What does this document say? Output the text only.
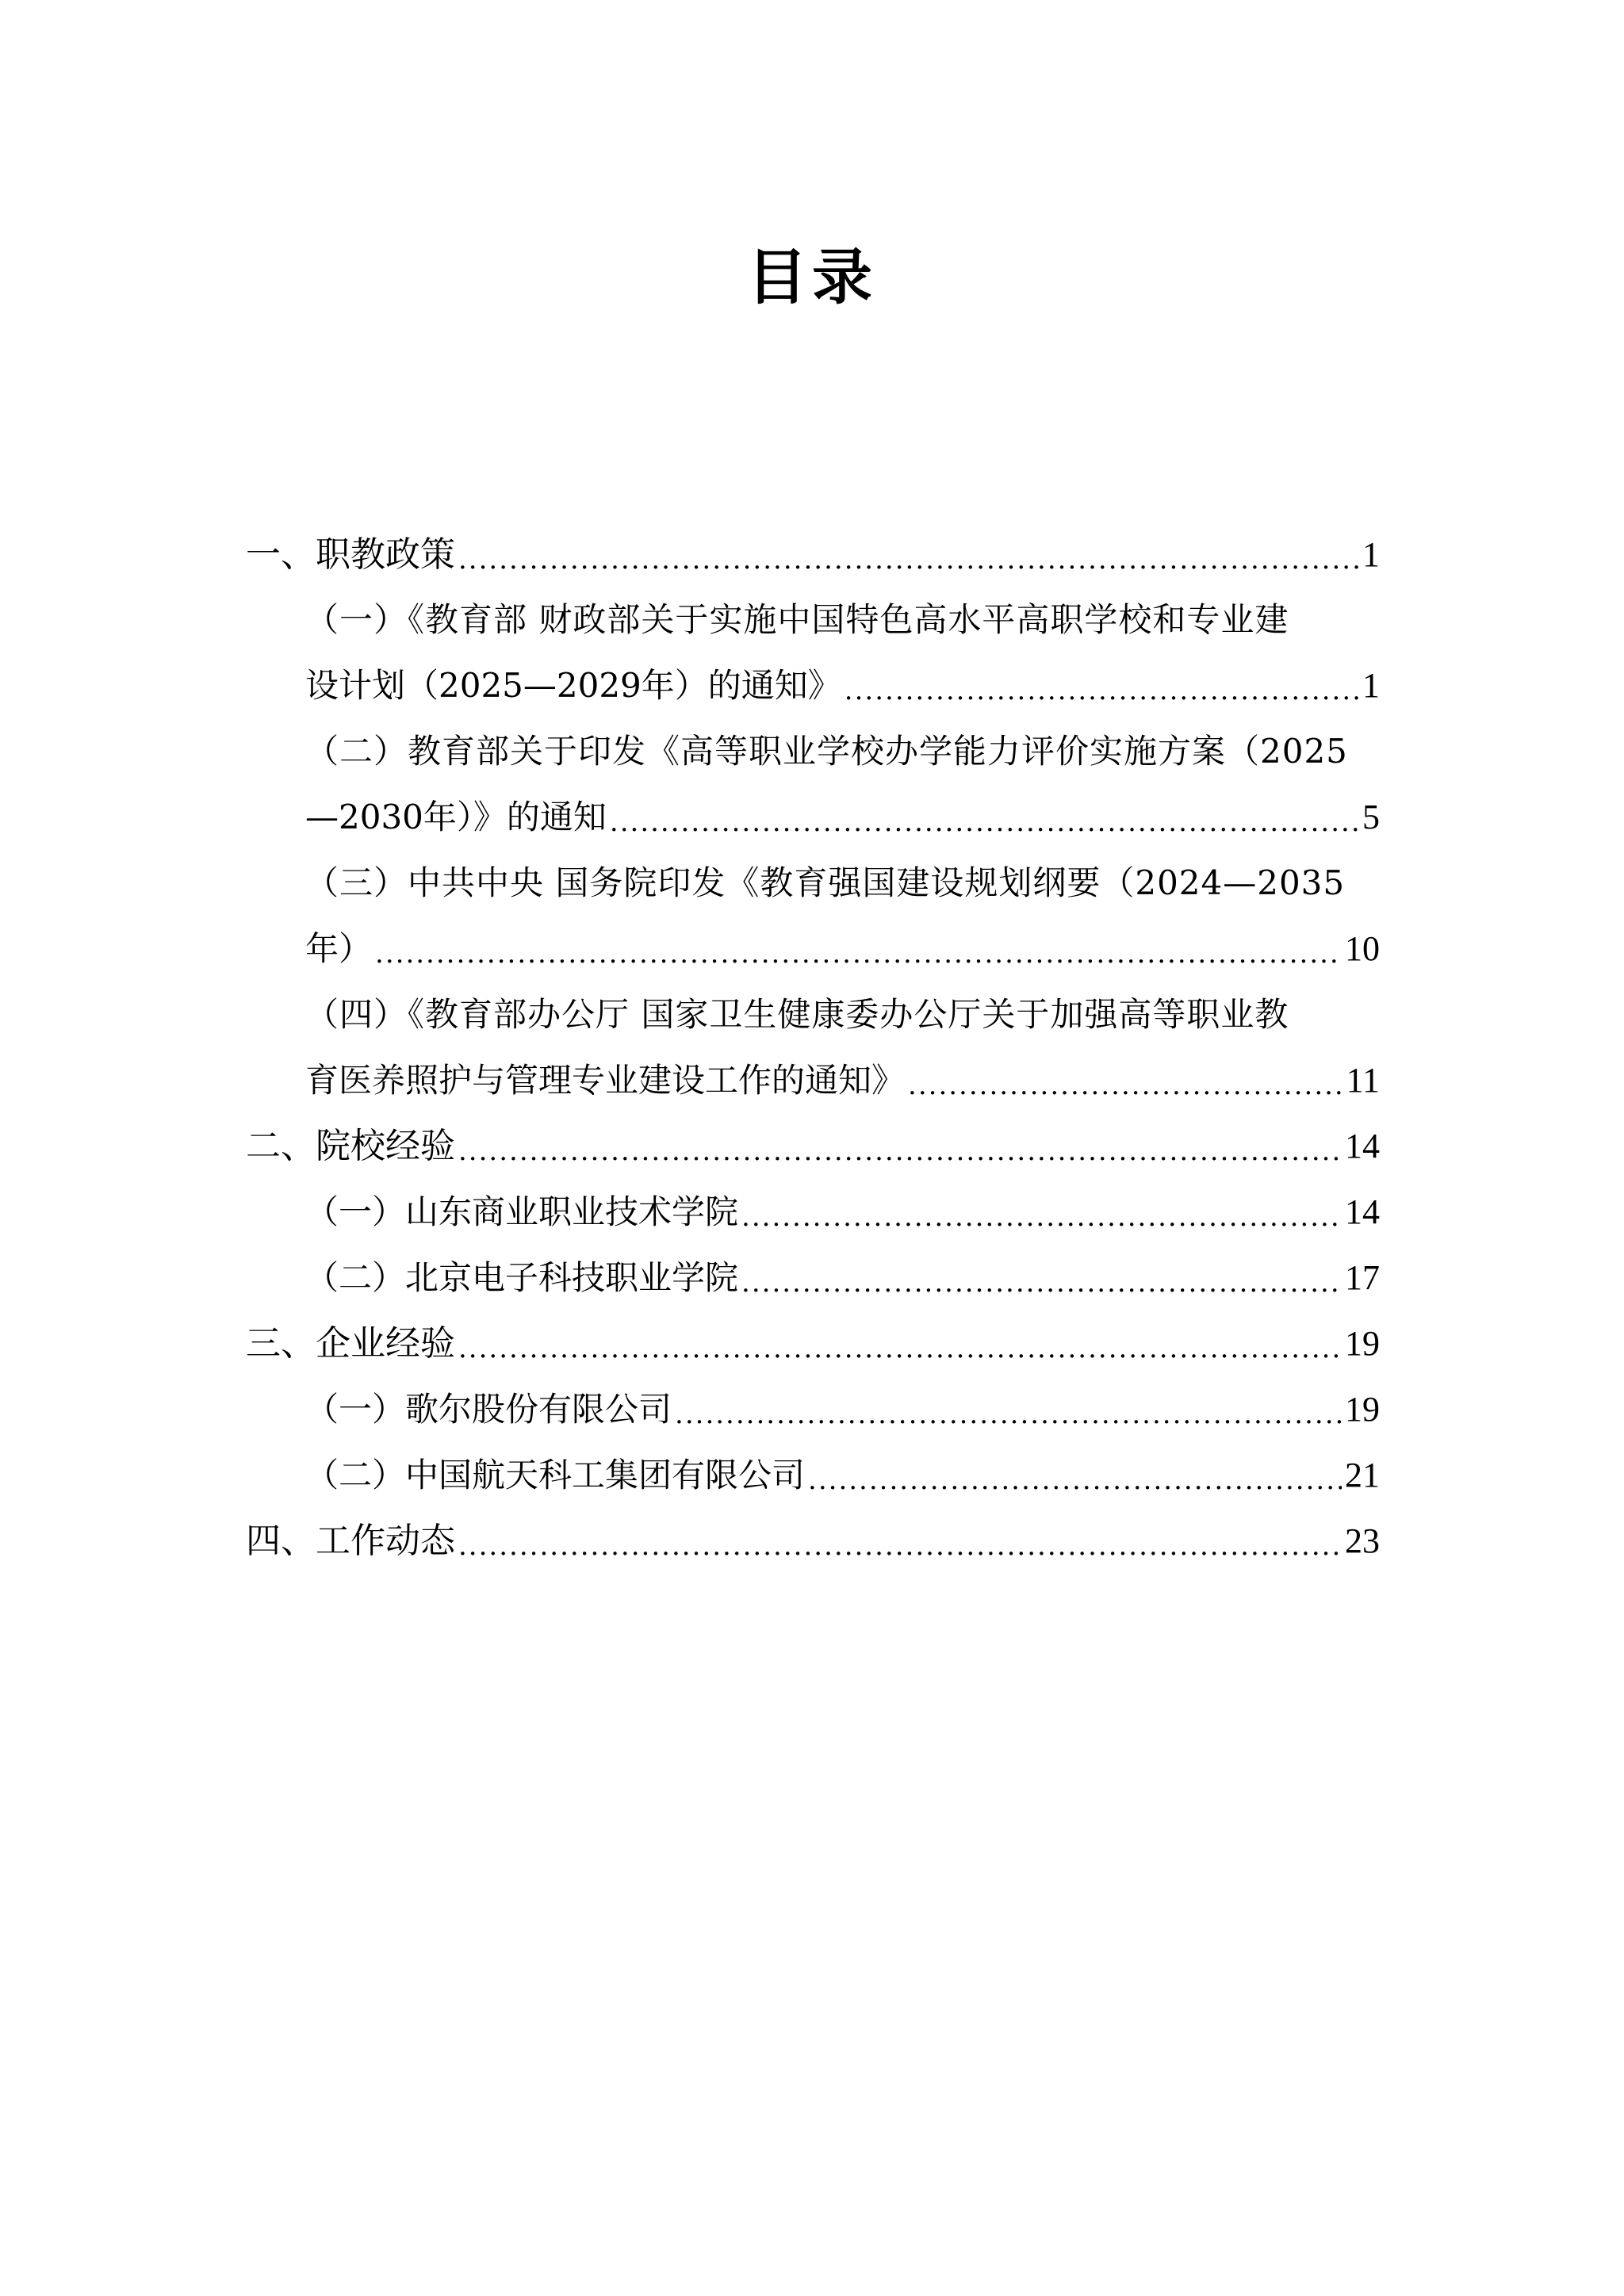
目录
一、职教政策 .....	1
（一）《教育部 财政部关于实施中国特色高水平高职学校和专业建
设计划（2025—2029年）的通知》 .....	1
（二）教育部关于印发《高等职业学校办学能力评价实施方案（2025
—2030年）》的通知 .....	5
（三）中共中央 国务院印发《教育强国建设规划纲要（2024—2035
年） .....	10
（四）《教育部办公厅 国家卫生健康委办公厅关于加强高等职业教
育医养照护与管理专业建设工作的通知》 .....	11
二、院校经验 .....	14
（一）山东商业职业技术学院 .....	14
（二）北京电子科技职业学院 .....	17
三、企业经验 .....	19
（一）歌尔股份有限公司 .....	19
（二）中国航天科工集团有限公司 .....	21
四、工作动态 .....	23
